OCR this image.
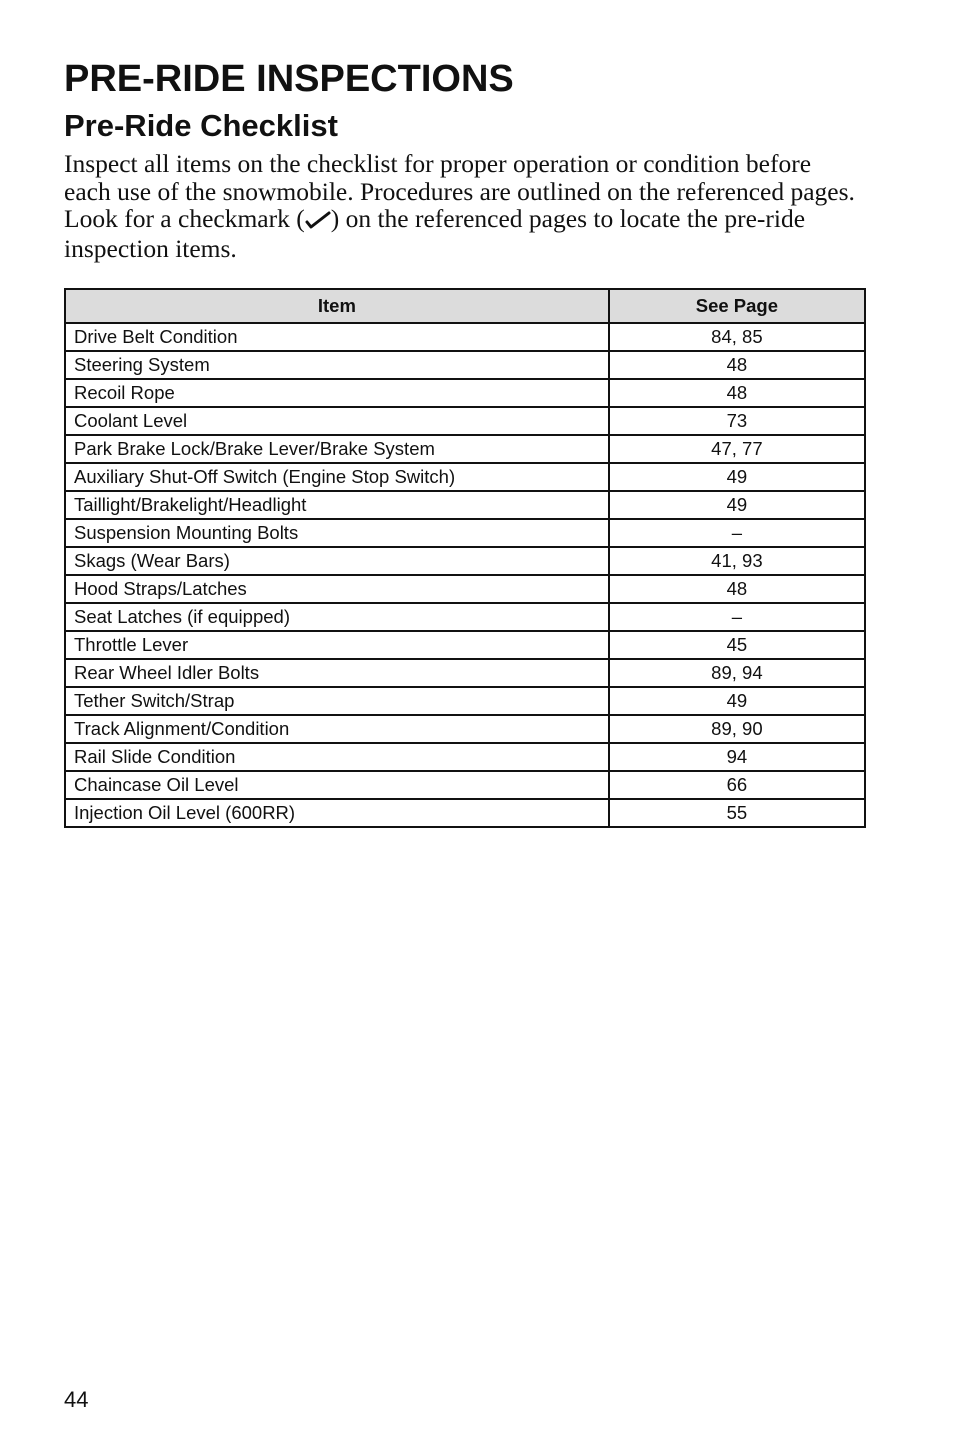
PRE-RIDE INSPECTIONS
Pre-Ride Checklist

Inspect all items on the checklist for proper operation or condition before each use of the snowmobile. Procedures are outlined on the referenced pages. Look for a checkmark ( ) on the referenced pages to locate the pre-ride inspection items.

Item	See Page
Drive Belt Condition	84, 85
Steering System	48
Recoil Rope	48
Coolant Level	73
Park Brake Lock/Brake Lever/Brake System	47, 77
Auxiliary Shut-Off Switch (Engine Stop Switch)	49
Taillight/Brakelight/Headlight	49
Suspension Mounting Bolts	–
Skags (Wear Bars)	41, 93
Hood Straps/Latches	48
Seat Latches (if equipped)	–
Throttle Lever	45
Rear Wheel Idler Bolts	89, 94
Tether Switch/Strap	49
Track Alignment/Condition	89, 90
Rail Slide Condition	94
Chaincase Oil Level	66
Injection Oil Level (600RR)	55

44
